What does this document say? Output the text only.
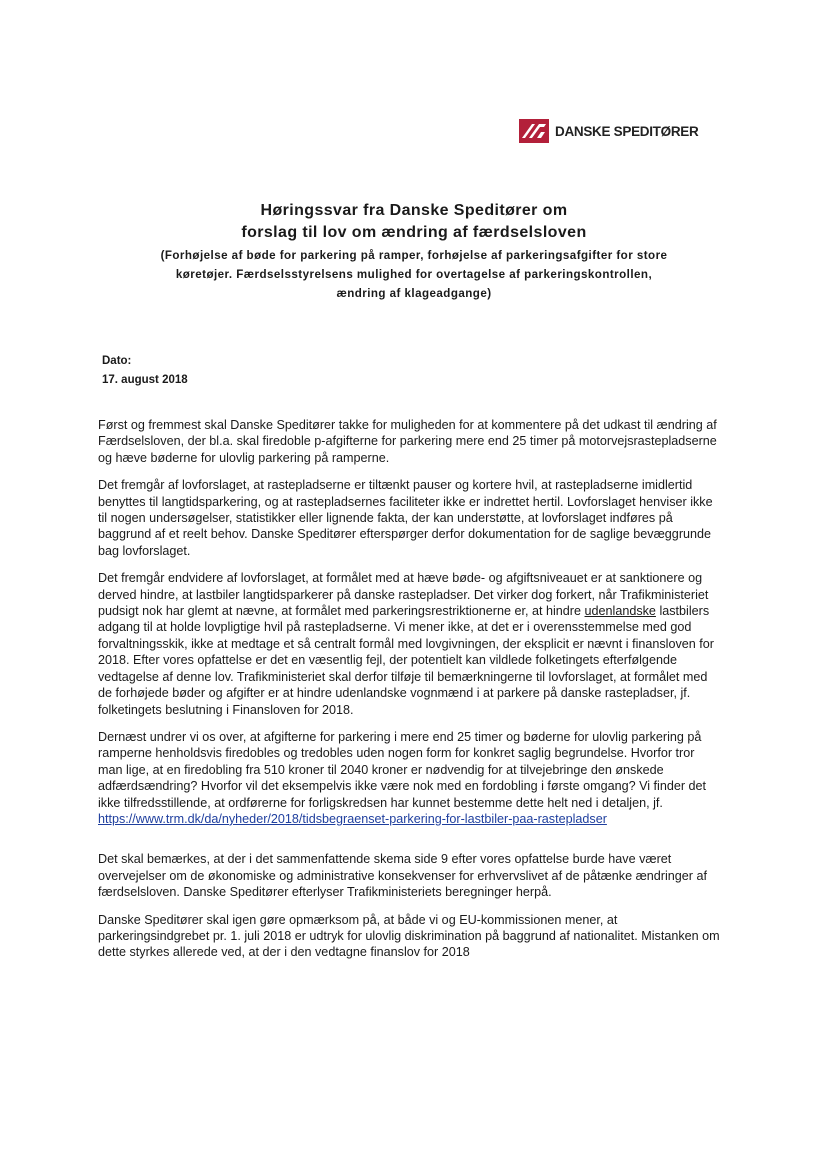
DANSKE SPEDITØRER
Høringssvar fra Danske Speditører om
forslag til lov om ændring af færdselsloven
(Forhøjelse af bøde for parkering på ramper, forhøjelse af parkeringsafgifter for store køretøjer. Færdselsstyrelsens mulighed for overtagelse af parkeringskontrollen, ændring af klageadgange)
Dato:
17. august 2018

Først og fremmest skal Danske Speditører takke for muligheden for at kommentere på det udkast til ændring af Færdselsloven, der bl.a. skal firedoble p-afgifterne for parkering mere end 25 timer på motorvejsrastepladserne og hæve bøderne for ulovlig parkering på ramperne.

Det fremgår af lovforslaget, at rastepladserne er tiltænkt pauser og kortere hvil, at rastepladserne imidlertid benyttes til langtidsparkering, og at rastepladsernes faciliteter ikke er indrettet hertil. Lovforslaget henviser ikke til nogen undersøgelser, statistikker eller lignende fakta, der kan understøtte, at lovforslaget indføres på baggrund af et reelt behov. Danske Speditører efterspørger derfor dokumentation for de saglige bevæggrunde bag lovforslaget.

Det fremgår endvidere af lovforslaget, at formålet med at hæve bøde- og afgiftsniveauet er at sanktionere og derved hindre, at lastbiler langtidsparkerer på danske rastepladser. Det virker dog forkert, når Trafikministeriet pudsigt nok har glemt at nævne, at formålet med parkeringsrestriktionerne er, at hindre udenlandske lastbilers adgang til at holde lovpligtige hvil på rastepladserne. Vi mener ikke, at det er i overensstemmelse med god forvaltningsskik, ikke at medtage et så centralt formål med lovgivningen, der eksplicit er nævnt i finansloven for 2018. Efter vores opfattelse er det en væsentlig fejl, der potentielt kan vildlede folketingets efterfølgende vedtagelse af denne lov. Trafikministeriet skal derfor tilføje til bemærkningerne til lovforslaget, at formålet med de forhøjede bøder og afgifter er at hindre udenlandske vognmænd i at parkere på danske rastepladser, jf. folketingets beslutning i Finansloven for 2018.

Dernæst undrer vi os over, at afgifterne for parkering i mere end 25 timer og bøderne for ulovlig parkering på ramperne henholdsvis firedobles og tredobles uden nogen form for konkret saglig begrundelse. Hvorfor tror man lige, at en firedobling fra 510 kroner til 2040 kroner er nødvendig for at tilvejebringe den ønskede adfærdsændring? Hvorfor vil det eksempelvis ikke være nok med en fordobling i første omgang? Vi finder det ikke tilfredsstillende, at ordførerne for forligskredsen har kunnet bestemme dette helt ned i detaljen, jf. https://www.trm.dk/da/nyheder/2018/tidsbegraenset-parkering-for-lastbiler-paa-rastepladser

Det skal bemærkes, at der i det sammenfattende skema side 9 efter vores opfattelse burde have været overvejelser om de økonomiske og administrative konsekvenser for erhvervslivet af de påtænke ændringer af færdselsloven. Danske Speditører efterlyser Trafikministeriets beregninger herpå.

Danske Speditører skal igen gøre opmærksom på, at både vi og EU-kommissionen mener, at parkeringsindgrebet pr. 1. juli 2018 er udtryk for ulovlig diskrimination på baggrund af nationalitet. Mistanken om dette styrkes allerede ved, at der i den vedtagne finanslov for 2018
